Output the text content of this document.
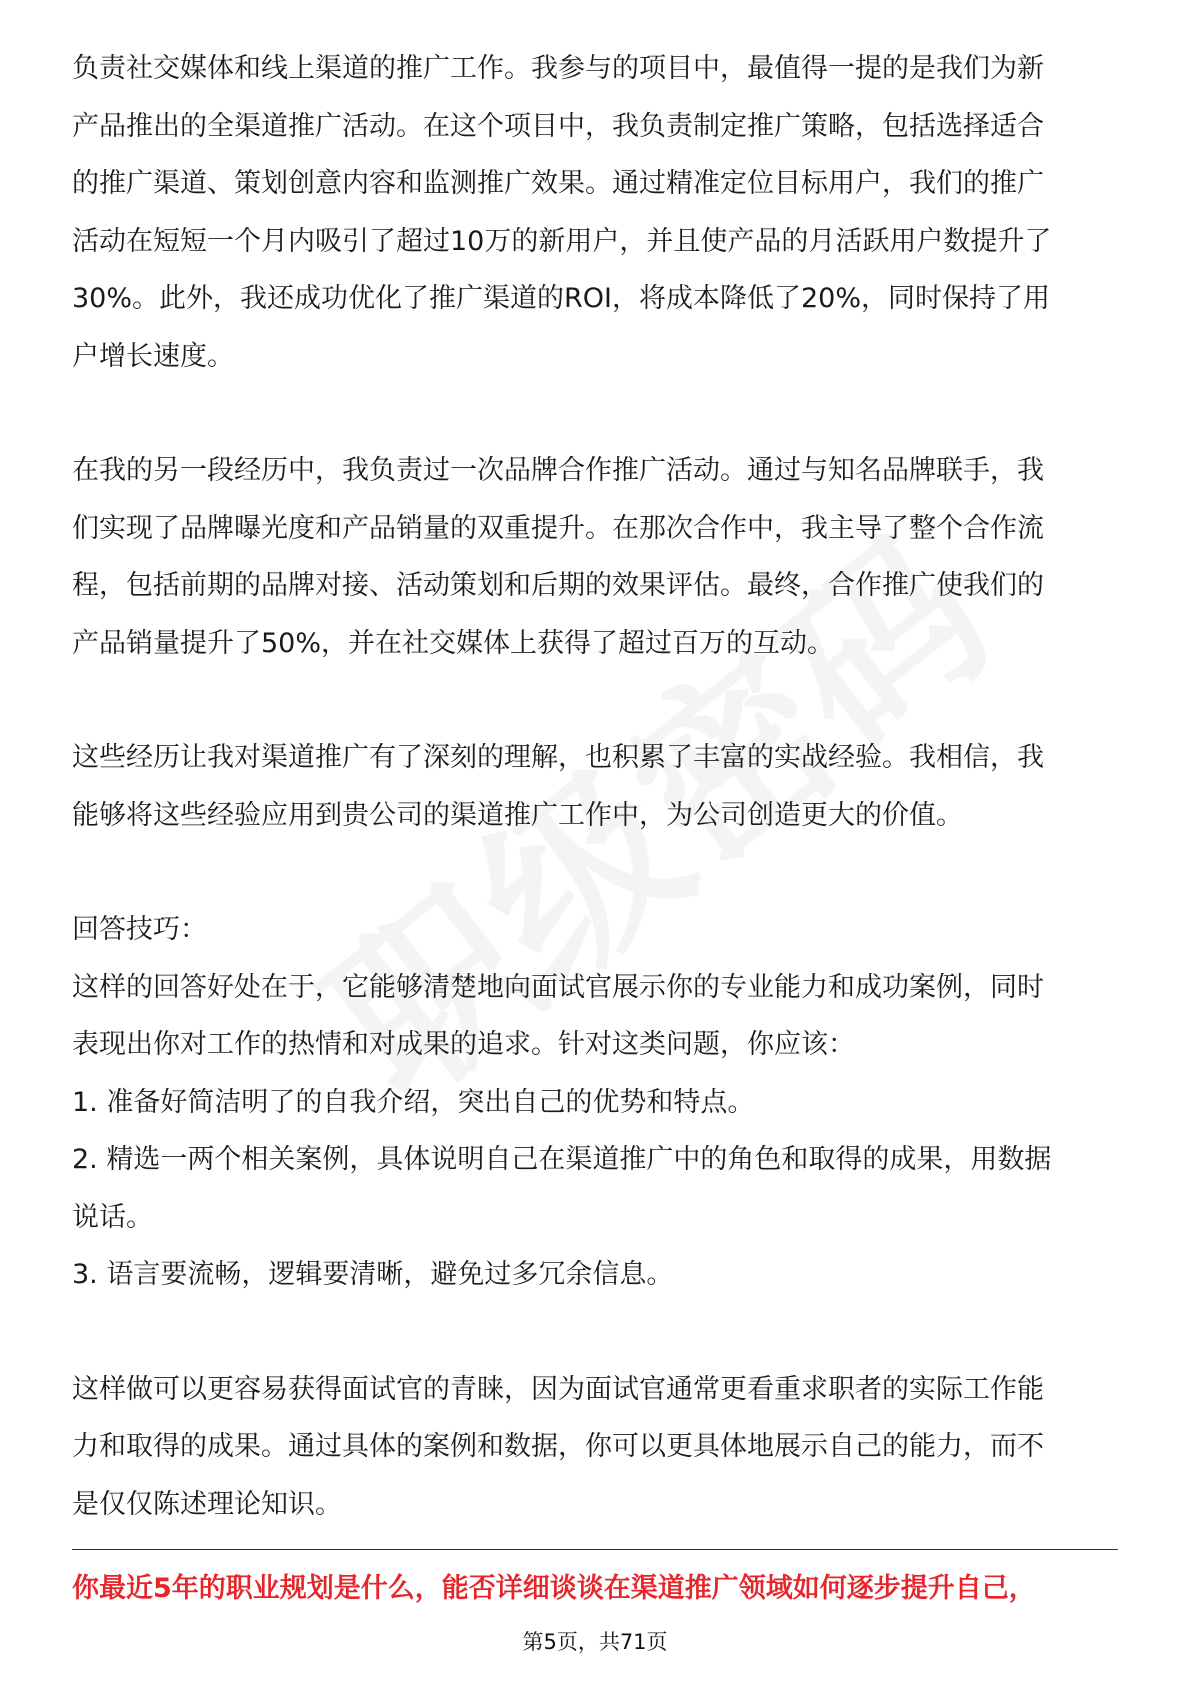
负责社交媒体和线上渠道的推广工作。我参与的项目中，最值得一提的是我们为新

产品推出的全渠道推广活动。在这个项目中，我负责制定推广策略，包括选择适合

的推广渠道、策划创意内容和监测推广效果。通过精准定位目标用户，我们的推广

活动在短短一个月内吸引了超过10万的新用户，并且使产品的月活跃用户数提升了

30%。此外，我还成功优化了推广渠道的ROI，将成本降低了20%，同时保持了用

户增长速度。

在我的另一段经历中，我负责过一次品牌合作推广活动。通过与知名品牌联手，我

们实现了品牌曝光度和产品销量的双重提升。在那次合作中，我主导了整个合作流

程，包括前期的品牌对接、活动策划和后期的效果评估。最终，合作推广使我们的

产品销量提升了50%，并在社交媒体上获得了超过百万的互动。

这些经历让我对渠道推广有了深刻的理解，也积累了丰富的实战经验。我相信，我

能够将这些经验应用到贵公司的渠道推广工作中，为公司创造更大的价值。

回答技巧：

这样的回答好处在于，它能够清楚地向面试官展示你的专业能力和成功案例，同时

表现出你对工作的热情和对成果的追求。针对这类问题，你应该：

1. 准备好简洁明了的自我介绍，突出自己的优势和特点。

2. 精选一两个相关案例，具体说明自己在渠道推广中的角色和取得的成果，用数据

说话。

3. 语言要流畅，逻辑要清晰，避免过多冗余信息。

这样做可以更容易获得面试官的青睐，因为面试官通常更看重求职者的实际工作能

力和取得的成果。通过具体的案例和数据，你可以更具体地展示自己的能力，而不

是仅仅陈述理论知识。

你最近5年的职业规划是什么，能否详细谈谈在渠道推广领域如何逐步提升自己，

第5页，共71页
